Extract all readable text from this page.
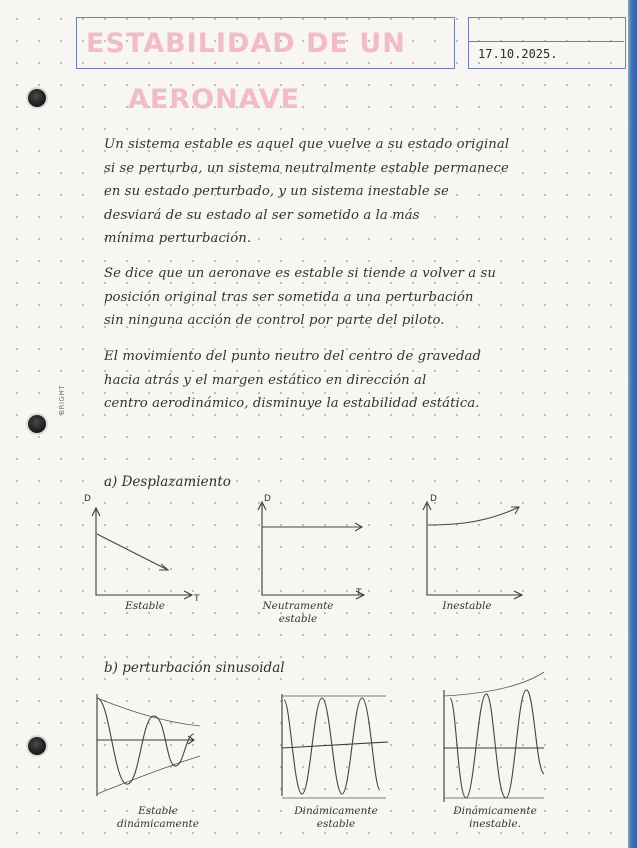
BRIGHT
ESTABILIDAD DE UN
AERONAVE
17.10.2025.
Un sistema estable es aquel que vuelve a su estado original
si se perturba, un sistema neutralmente estable permanece
en su estado perturbado, y un sistema inestable se
desviará de su estado al ser sometido a la más
mínima perturbación.
Se dice que un aeronave es estable si tiende a volver a su
posición original tras ser sometida a una perturbación
sin ninguna acción de control por parte del piloto.
El movimiento del punto neutro del centro de gravedad
hacia atrás y el margen estático en dirección al
centro aerodinámico, disminuye la estabilidad estática.
a) Desplazamiento
D
T
D
T
D
Estable	Neutramente estable
Inestable
b) perturbación sinusoidal
Estable dinámicamente
Dinámicamente estable
Dinámicamente inestable.
